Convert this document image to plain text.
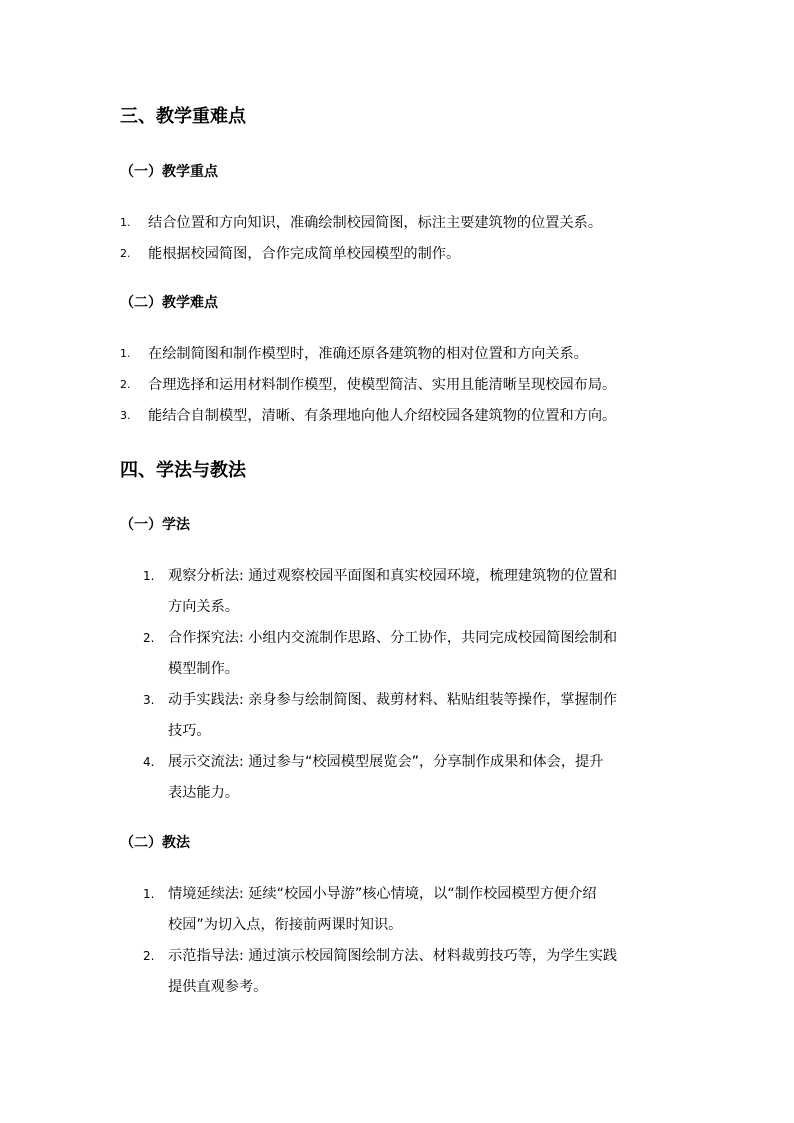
三、教学重难点
（一）教学重点
1. 结合位置和方向知识，准确绘制校园简图，标注主要建筑物的位置关系。
2. 能根据校园简图，合作完成简单校园模型的制作。
（二）教学难点
1. 在绘制简图和制作模型时，准确还原各建筑物的相对位置和方向关系。
2. 合理选择和运用材料制作模型，使模型简洁、实用且能清晰呈现校园布局。
3. 能结合自制模型，清晰、有条理地向他人介绍校园各建筑物的位置和方向。
四、学法与教法
（一）学法
1. 观察分析法: 通过观察校园平面图和真实校园环境，梳理建筑物的位置和
方向关系。
2. 合作探究法: 小组内交流制作思路、分工协作，共同完成校园简图绘制和
模型制作。
3. 动手实践法: 亲身参与绘制简图、裁剪材料、粘贴组装等操作，掌握制作
技巧。
4. 展示交流法: 通过参与“校园模型展览会”，分享制作成果和体会，提升
表达能力。
（二）教法
1. 情境延续法: 延续“校园小导游”核心情境，以“制作校园模型方便介绍
校园”为切入点，衔接前两课时知识。
2. 示范指导法: 通过演示校园简图绘制方法、材料裁剪技巧等，为学生实践
提供直观参考。
